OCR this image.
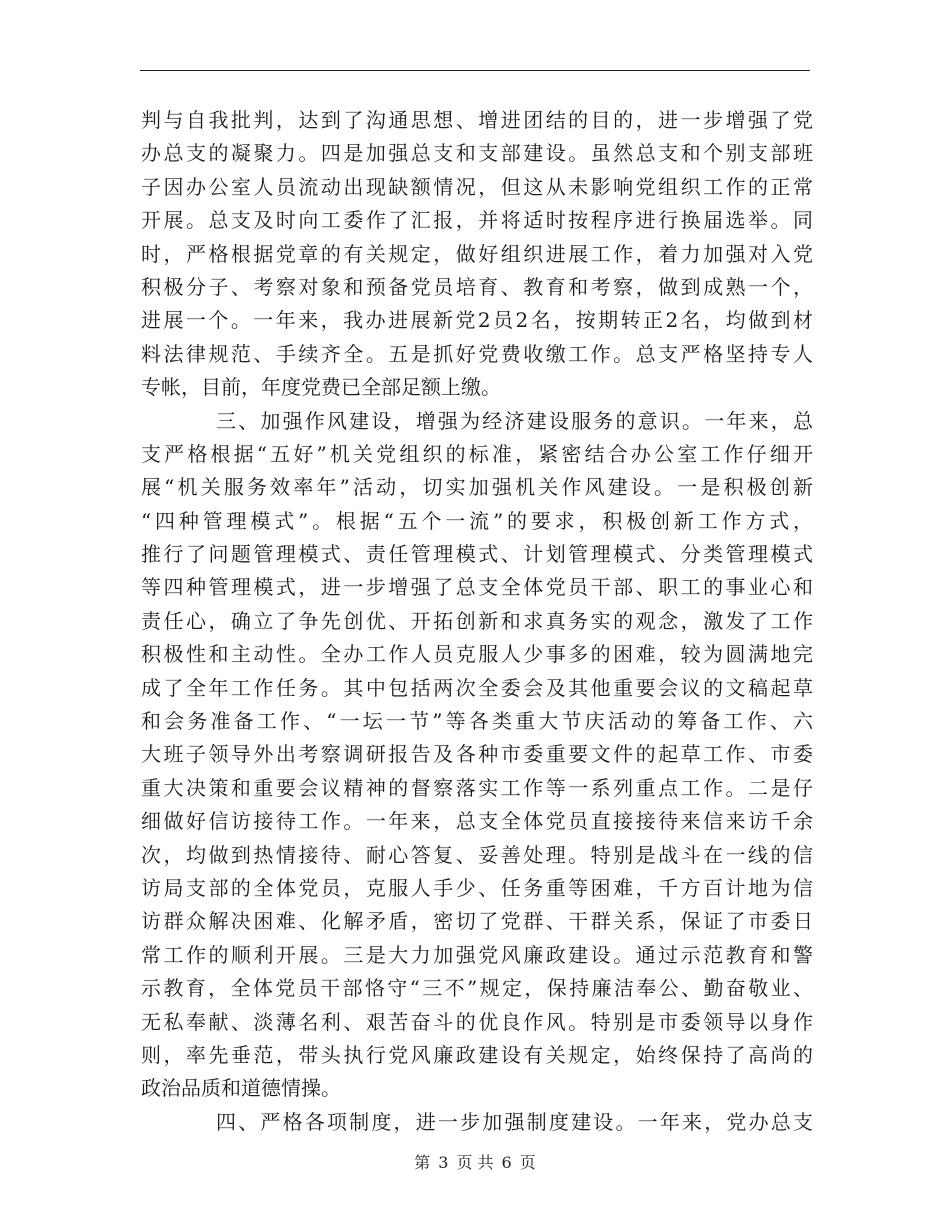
判与自我批判，达到了沟通思想、增进团结的目的，进一步增强了党
办总支的凝聚力。四是加强总支和支部建设。虽然总支和个别支部班
子因办公室人员流动出现缺额情况，但这从未影响党组织工作的正常
开展。总支及时向工委作了汇报，并将适时按程序进行换届选举。同
时，严格根据党章的有关规定，做好组织进展工作，着力加强对入党
积极分子、考察对象和预备党员培育、教育和考察，做到成熟一个，
进展一个。一年来，我办进展新党2员2名，按期转正2名，均做到材
料法律规范、手续齐全。五是抓好党费收缴工作。总支严格坚持专人
专帐，目前，年度党费已全部足额上缴。
三、加强作风建设，增强为经济建设服务的意识。一年来，总
支严格根据“五好”机关党组织的标准，紧密结合办公室工作仔细开
展“机关服务效率年”活动，切实加强机关作风建设。一是积极创新
“四种管理模式”。根据“五个一流”的要求，积极创新工作方式，
推行了问题管理模式、责任管理模式、计划管理模式、分类管理模式
等四种管理模式，进一步增强了总支全体党员干部、职工的事业心和
责任心，确立了争先创优、开拓创新和求真务实的观念，激发了工作
积极性和主动性。全办工作人员克服人少事多的困难，较为圆满地完
成了全年工作任务。其中包括两次全委会及其他重要会议的文稿起草
和会务准备工作、“一坛一节”等各类重大节庆活动的筹备工作、六
大班子领导外出考察调研报告及各种市委重要文件的起草工作、市委
重大决策和重要会议精神的督察落实工作等一系列重点工作。二是仔
细做好信访接待工作。一年来，总支全体党员直接接待来信来访千余
次，均做到热情接待、耐心答复、妥善处理。特别是战斗在一线的信
访局支部的全体党员，克服人手少、任务重等困难，千方百计地为信
访群众解决困难、化解矛盾，密切了党群、干群关系，保证了市委日
常工作的顺利开展。三是大力加强党风廉政建设。通过示范教育和警
示教育，全体党员干部恪守“三不”规定，保持廉洁奉公、勤奋敬业、
无私奉献、淡薄名利、艰苦奋斗的优良作风。特别是市委领导以身作
则，率先垂范，带头执行党风廉政建设有关规定，始终保持了高尚的
政治品质和道德情操。
四、严格各项制度，进一步加强制度建设。一年来，党办总支
第 3 页 共 6 页
